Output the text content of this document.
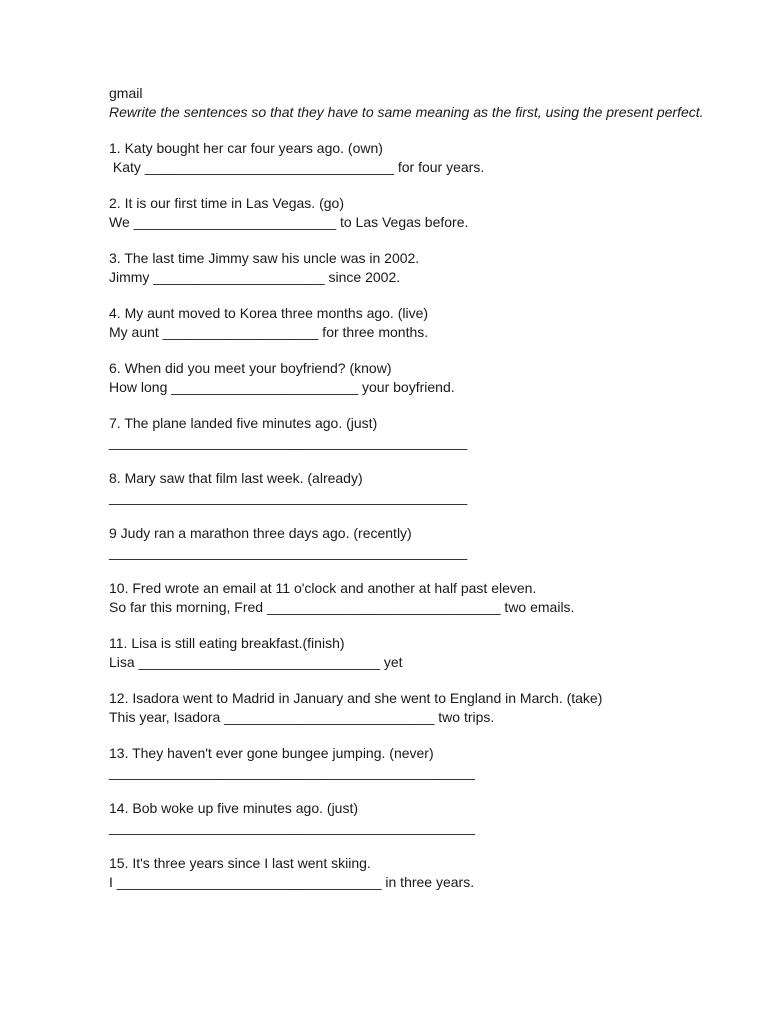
gmail

Rewrite the sentences so that they have to same meaning as the first, using the present perfect.

1. Katy bought her car four years ago. (own)
Katy ________________________________ for four years.
2. It is our first time in Las Vegas. (go)
We __________________________ to Las Vegas before.
3. The last time Jimmy saw his uncle was in 2002.
Jimmy ______________________ since 2002.
4. My aunt moved to Korea three months ago. (live)
My aunt ____________________ for three months.
6. When did you meet your boyfriend? (know)
How long ________________________ your boyfriend.
7. The plane landed five minutes ago. (just)
______________________________________________
8. Mary saw that film last week. (already)
______________________________________________
9 Judy ran a marathon three days ago. (recently)
______________________________________________
10. Fred wrote an email at 11 o'clock and another at half past eleven.
So far this morning, Fred ______________________________ two emails.
11. Lisa is still eating breakfast.(finish)
Lisa _______________________________ yet
12. Isadora went to Madrid in January and she went to England in March. (take)
This year, Isadora ___________________________ two trips.
13. They haven't ever gone bungee jumping. (never)
_______________________________________________
14. Bob woke up five minutes ago. (just)
_______________________________________________
15. It's three years since I last went skiing.
I __________________________________ in three years.
